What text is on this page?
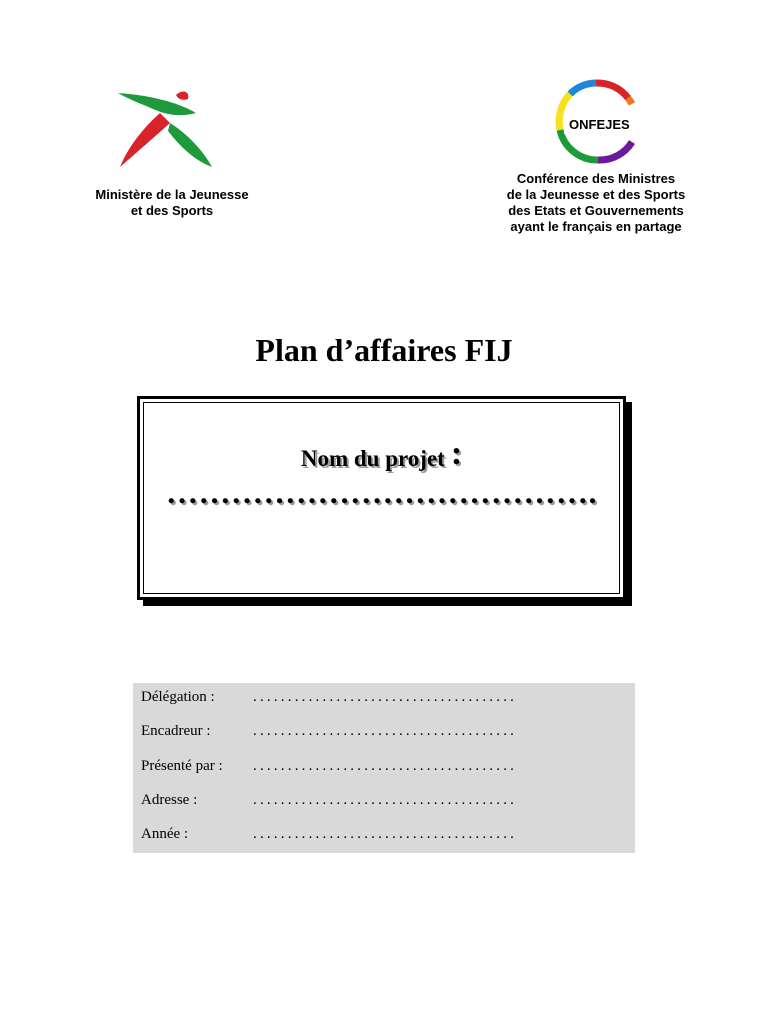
Ministère de la Jeunesse
et des Sports
ONFEJES
Conférence des Ministres
de la Jeunesse et des Sports
des Etats et Gouvernements
ayant le français en partage
Plan d’affaires FIJ
Nom du projet :
………………………………….
Délégation :	......................................
Encadreur :	......................................
Présenté par : ......................................
Adresse :	......................................
Année :	......................................
